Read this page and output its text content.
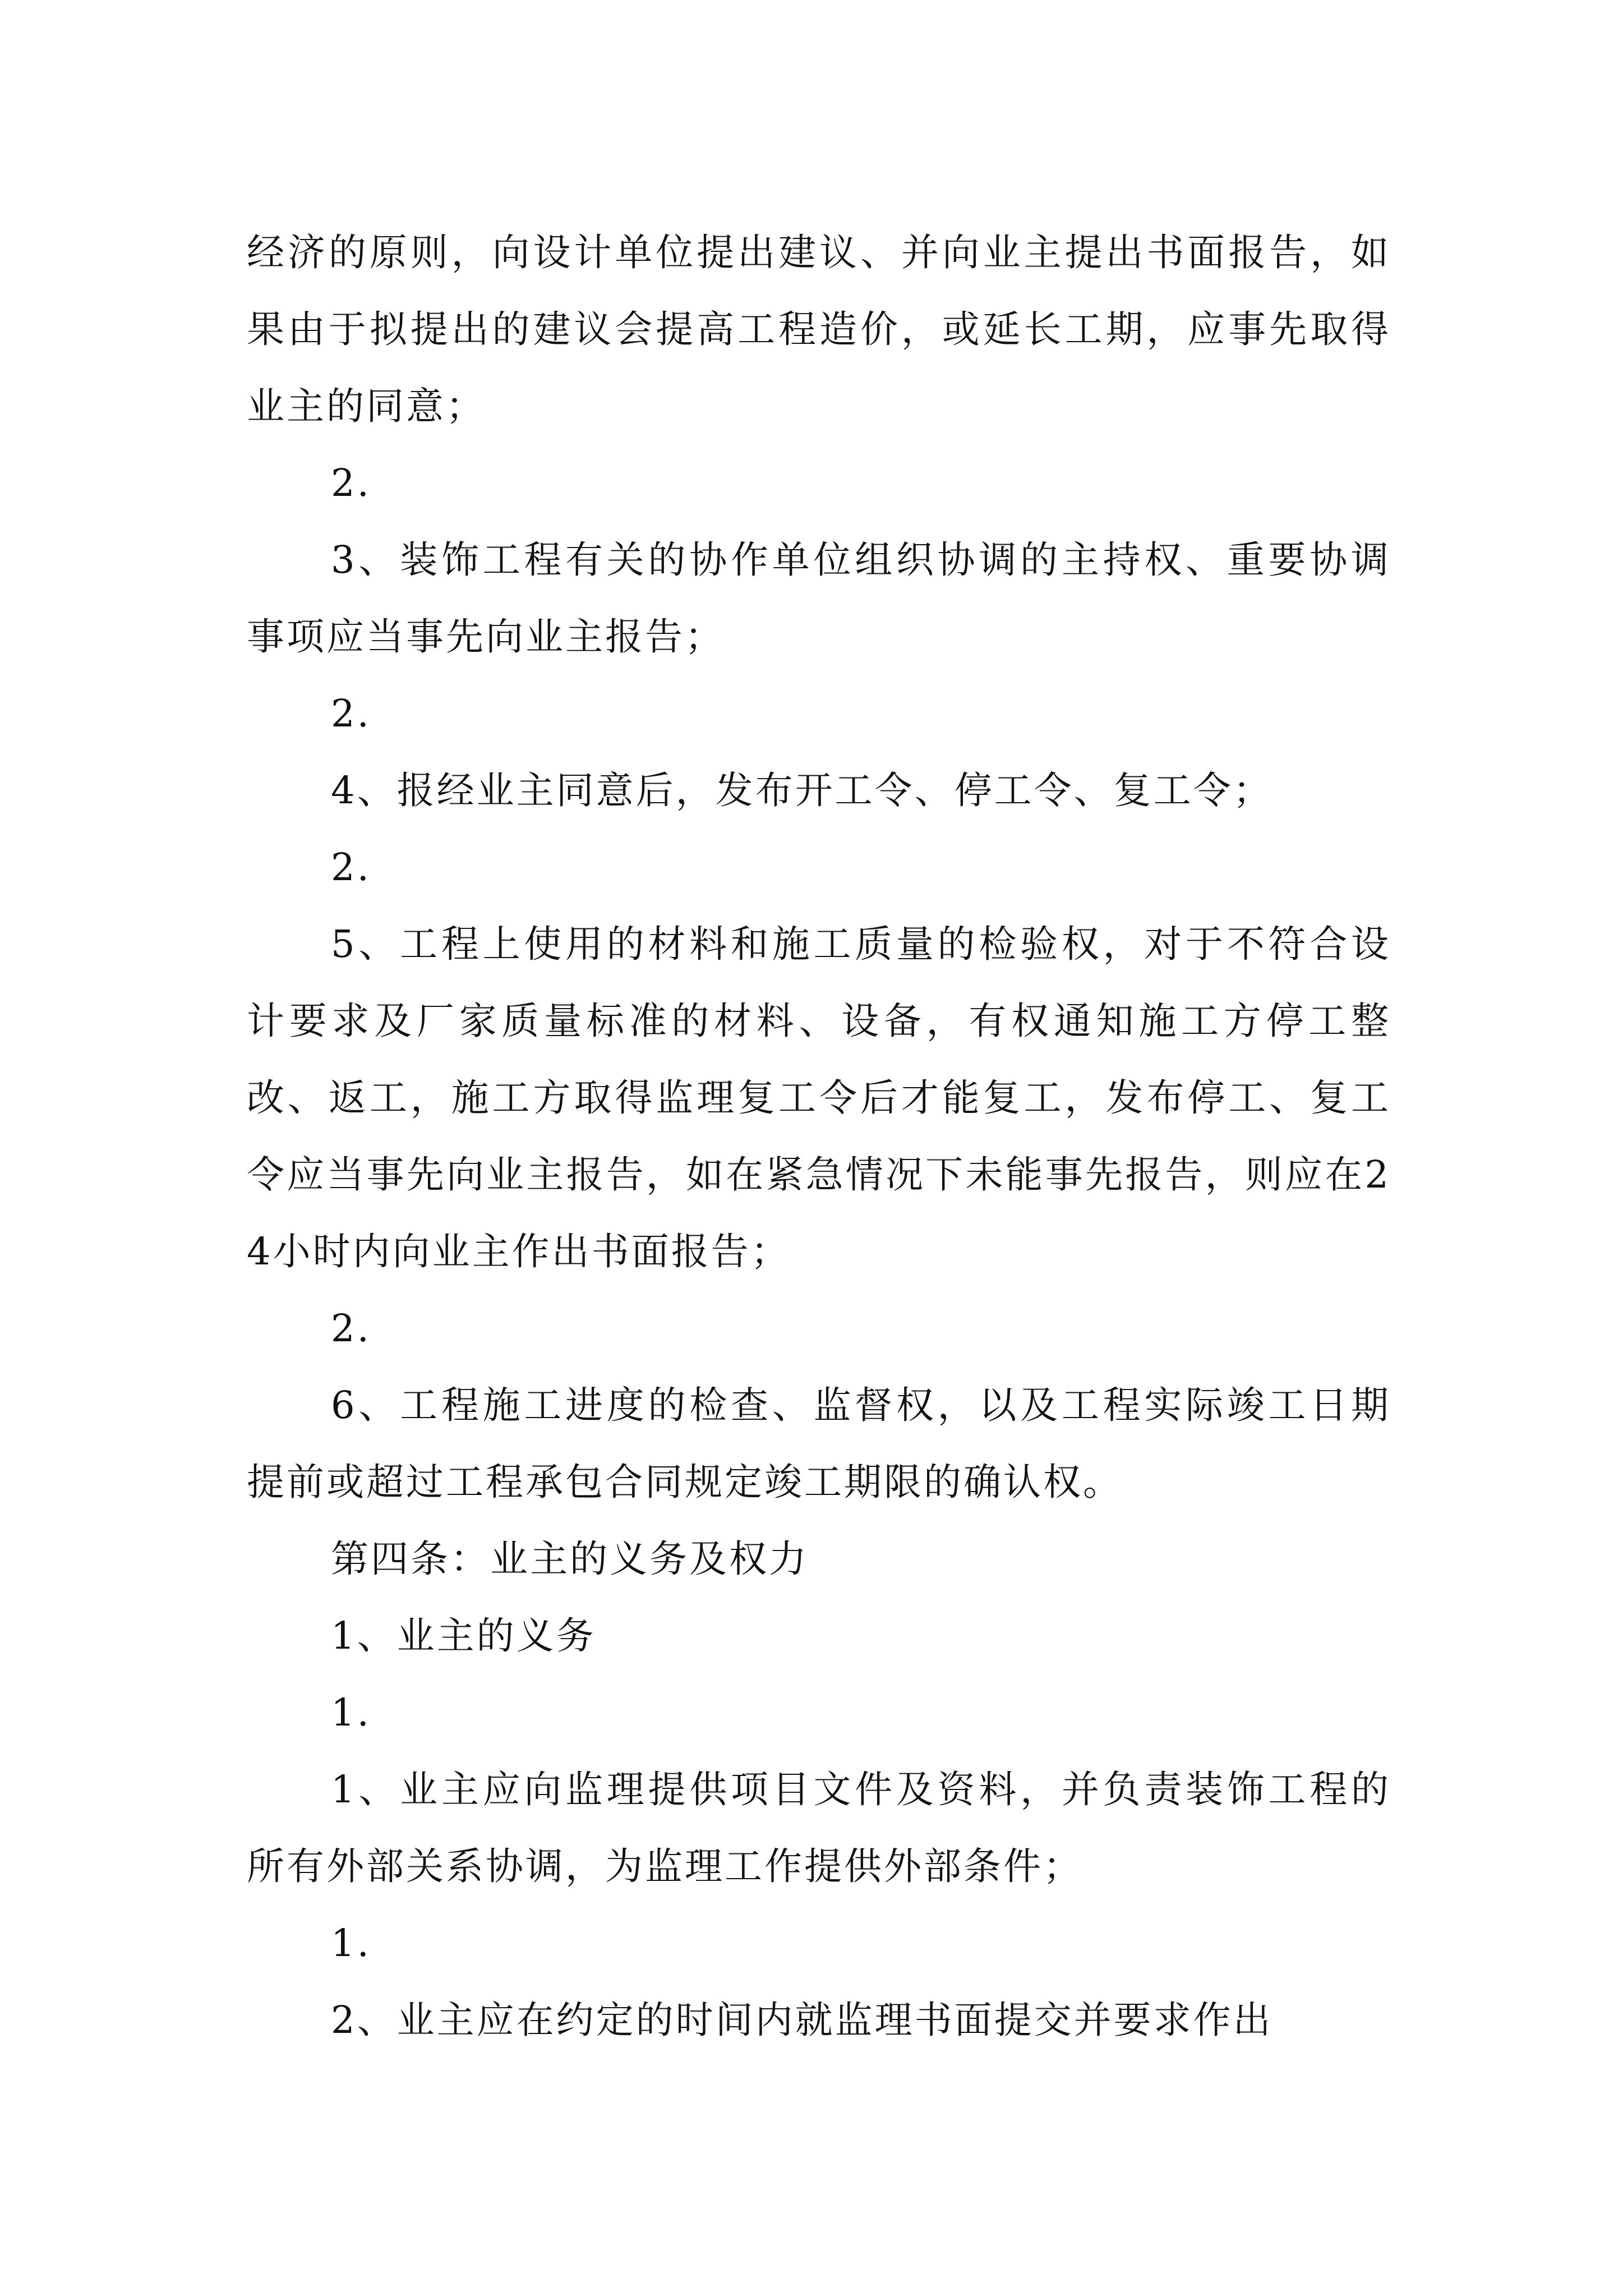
经济的原则，向设计单位提出建议、并向业主提出书面报告，如果由于拟提出的建议会提高工程造价，或延长工期，应事先取得业主的同意；

2.

3、装饰工程有关的协作单位组织协调的主持权、重要协调事项应当事先向业主报告；

2.

4、报经业主同意后，发布开工令、停工令、复工令；

2.

5、工程上使用的材料和施工质量的检验权，对于不符合设计要求及厂家质量标准的材料、设备，有权通知施工方停工整改、返工，施工方取得监理复工令后才能复工，发布停工、复工令应当事先向业主报告，如在紧急情况下未能事先报告，则应在24小时内向业主作出书面报告；

2.

6、工程施工进度的检查、监督权，以及工程实际竣工日期提前或超过工程承包合同规定竣工期限的确认权。

第四条：业主的义务及权力

1、业主的义务

1.

1、业主应向监理提供项目文件及资料，并负责装饰工程的所有外部关系协调，为监理工作提供外部条件；

1.

2、业主应在约定的时间内就监理书面提交并要求作出
